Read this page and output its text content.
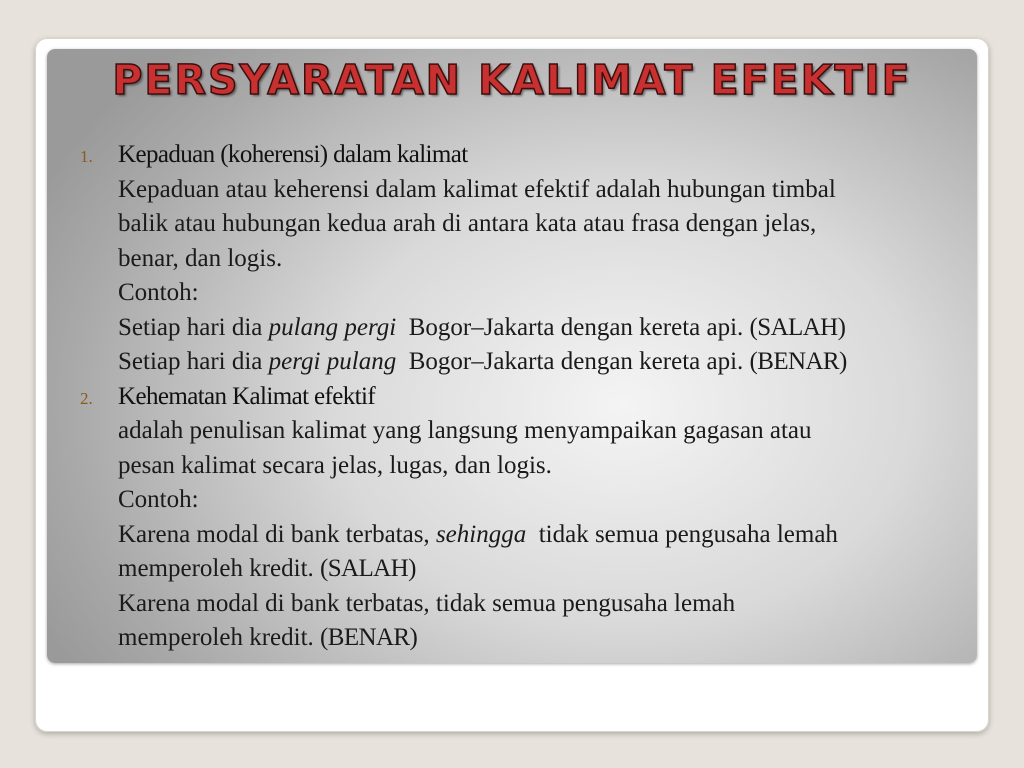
PERSYARATAN KALIMAT EFEKTIF
1. Kepaduan (koherensi) dalam kalimat
Kepaduan atau keherensi dalam kalimat efektif adalah hubungan timbal
balik atau hubungan kedua arah di antara kata atau frasa dengan jelas,
benar, dan logis.
Contoh:
Setiap hari dia pulang pergi  Bogor–Jakarta dengan kereta api. (SALAH)
Setiap hari dia pergi pulang  Bogor–Jakarta dengan kereta api. (BENAR)
2. Kehematan Kalimat efektif
adalah penulisan kalimat yang langsung menyampaikan gagasan atau
pesan kalimat secara jelas, lugas, dan logis.
Contoh:
Karena modal di bank terbatas, sehingga  tidak semua pengusaha lemah
memperoleh kredit. (SALAH)
Karena modal di bank terbatas, tidak semua pengusaha lemah
memperoleh kredit. (BENAR)
